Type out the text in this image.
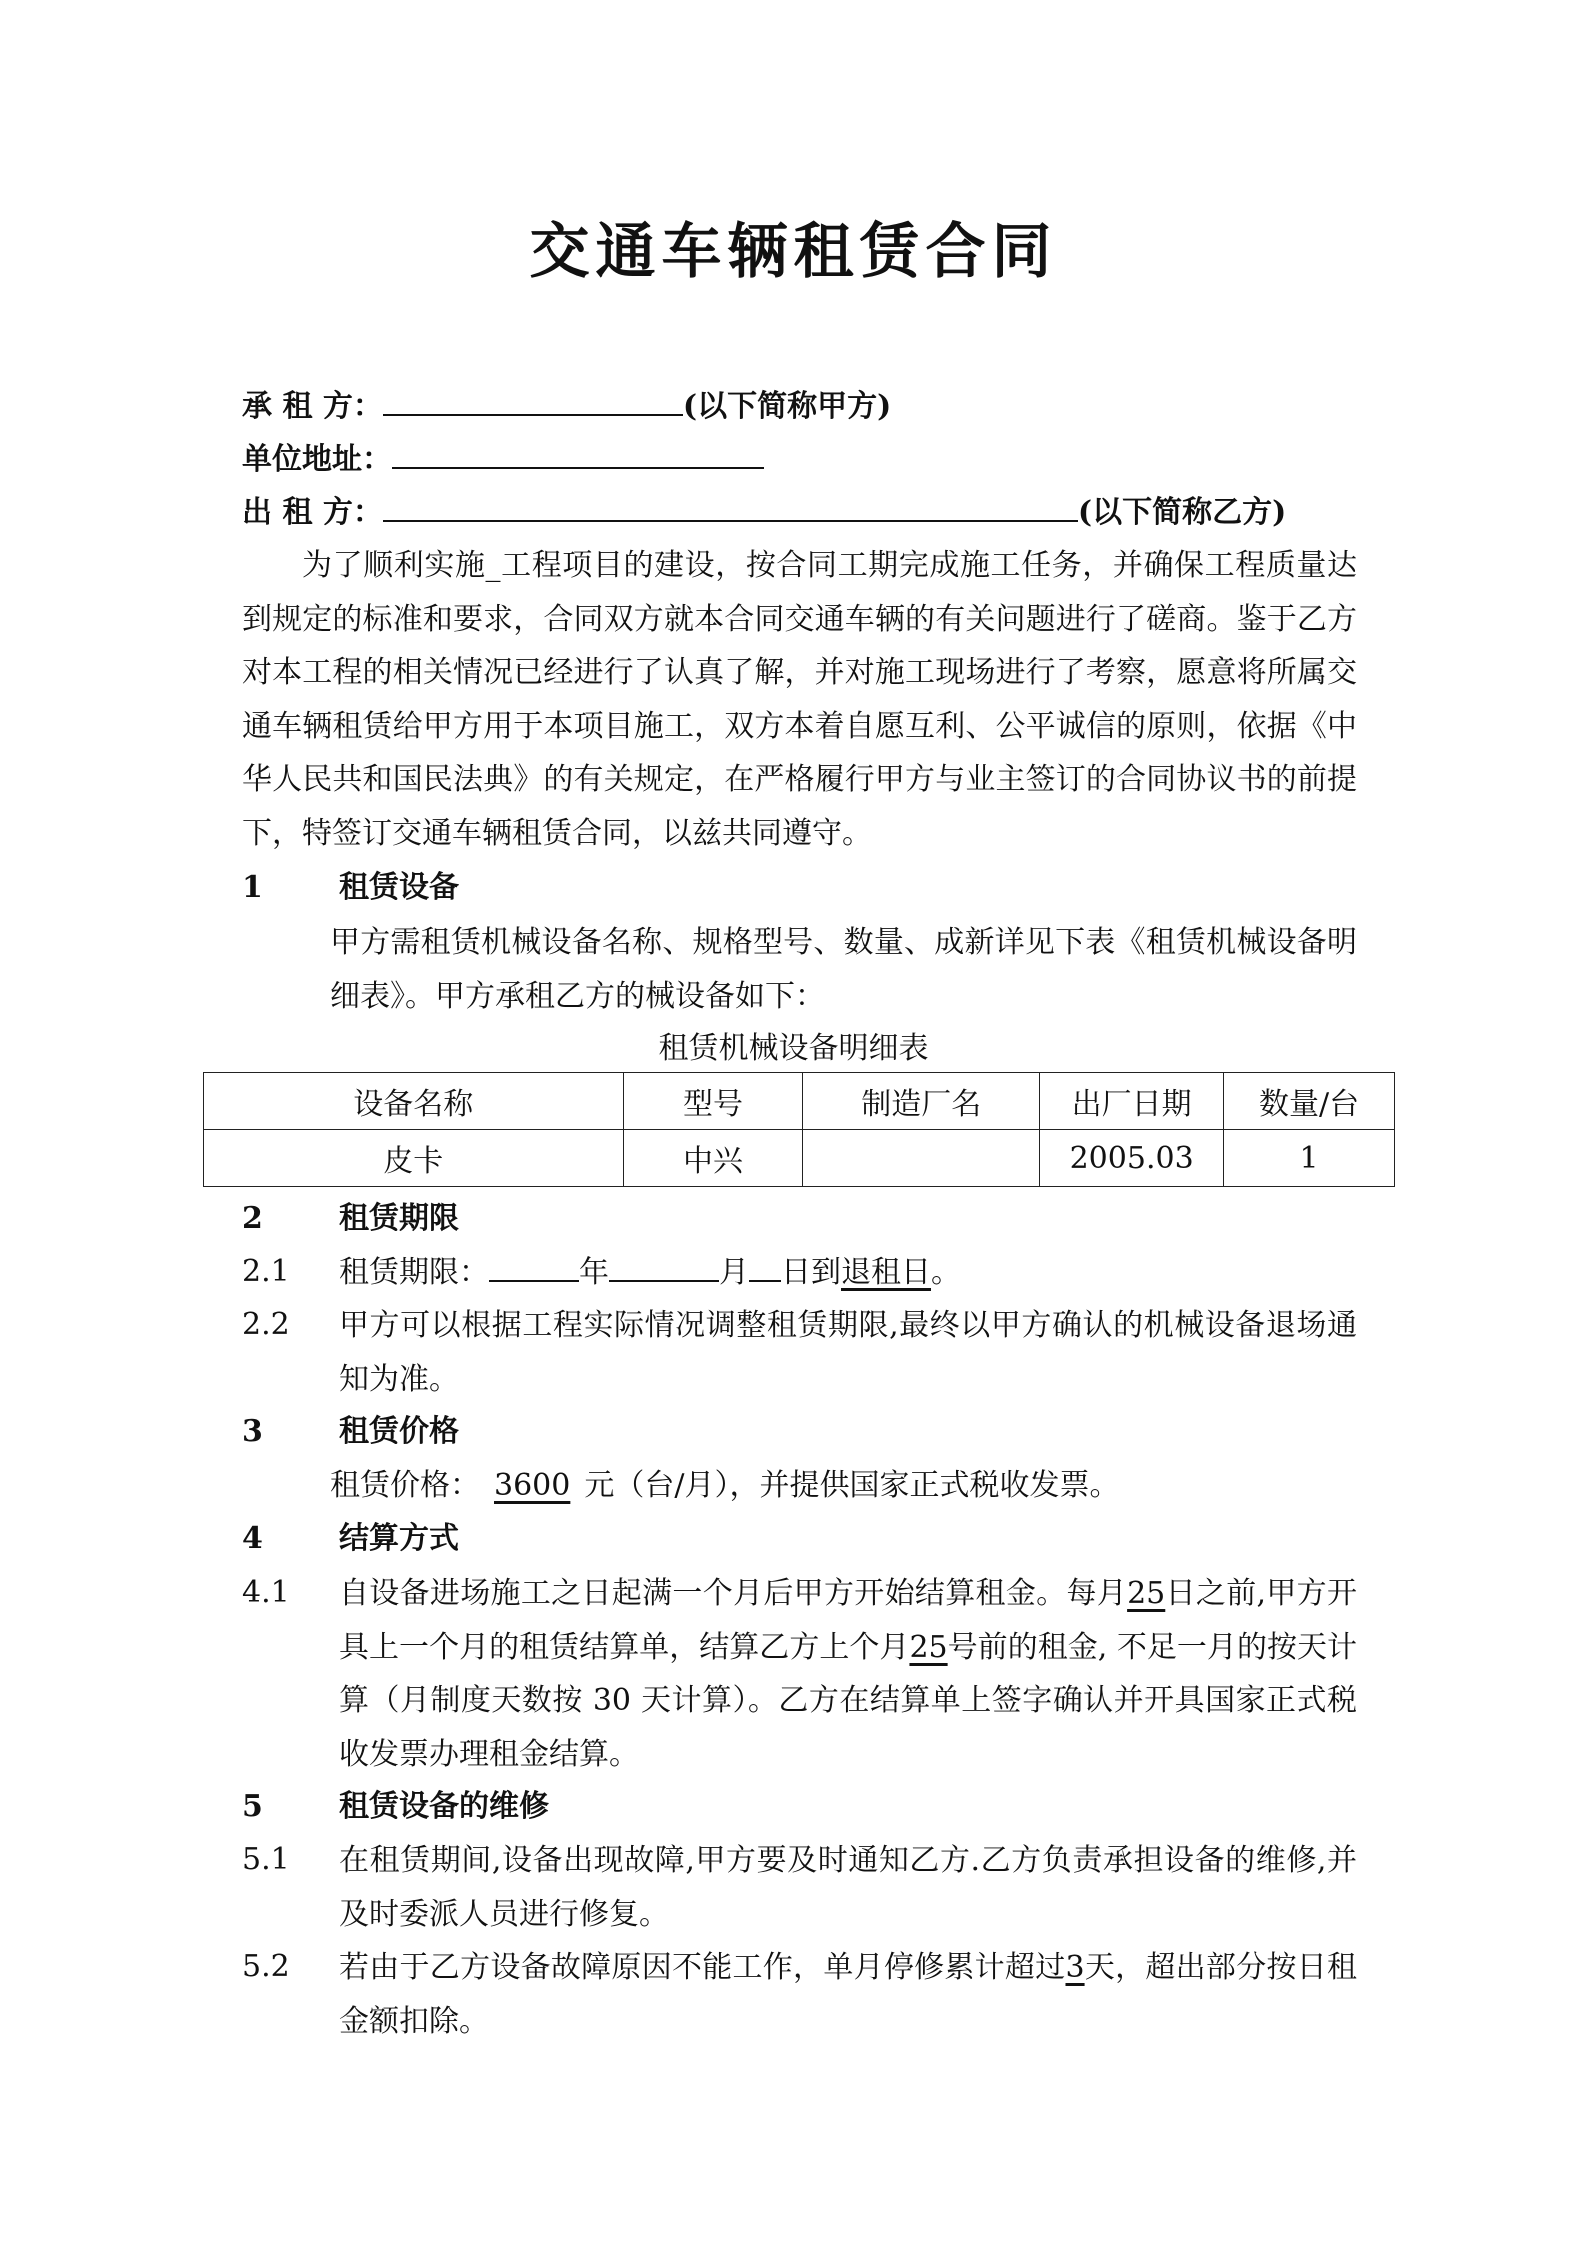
交通车辆租赁合同
承 租 方：	(以下简称甲方)
单位地址：
出 租 方：	(以下简称乙方)
为了顺利实施_工程项目的建设，按合同工期完成施工任务，并确保工程质量达到规定的标准和要求，合同双方就本合同交通车辆的有关问题进行了磋商。鉴于乙方对本工程的相关情况已经进行了认真了解，并对施工现场进行了考察，愿意将所属交通车辆租赁给甲方用于本项目施工，双方本着自愿互利、公平诚信的原则，依据《中华人民共和国民法典》的有关规定，在严格履行甲方与业主签订的合同协议书的前提下，特签订交通车辆租赁合同，以兹共同遵守。
1	租赁设备
甲方需租赁机械设备名称、规格型号、数量、成新详见下表《租赁机械设备明细表》。甲方承租乙方的械设备如下：
租赁机械设备明细表
设备名称	型号	制造厂名	出厂日期	数量/台
皮卡	中兴		2005.03	1
2	租赁期限
2.1 租赁期限：	年	月 日到退租日。
2.2 甲方可以根据工程实际情况调整租赁期限,最终以甲方确认的机械设备退场通知为准。
3	租赁价格
租赁价格： 3600 元（台/月），并提供国家正式税收发票。
4	结算方式
4.1 自设备进场施工之日起满一个月后甲方开始结算租金。每月25日之前,甲方开具上一个月的租赁结算单，结算乙方上个月25号前的租金, 不足一月的按天计算（月制度天数按 30 天计算）。乙方在结算单上签字确认并开具国家正式税收发票办理租金结算。
5	租赁设备的维修
5.1 在租赁期间,设备出现故障,甲方要及时通知乙方.乙方负责承担设备的维修,并及时委派人员进行修复。
5.2 若由于乙方设备故障原因不能工作，单月停修累计超过3天，超出部分按日租金额扣除。
